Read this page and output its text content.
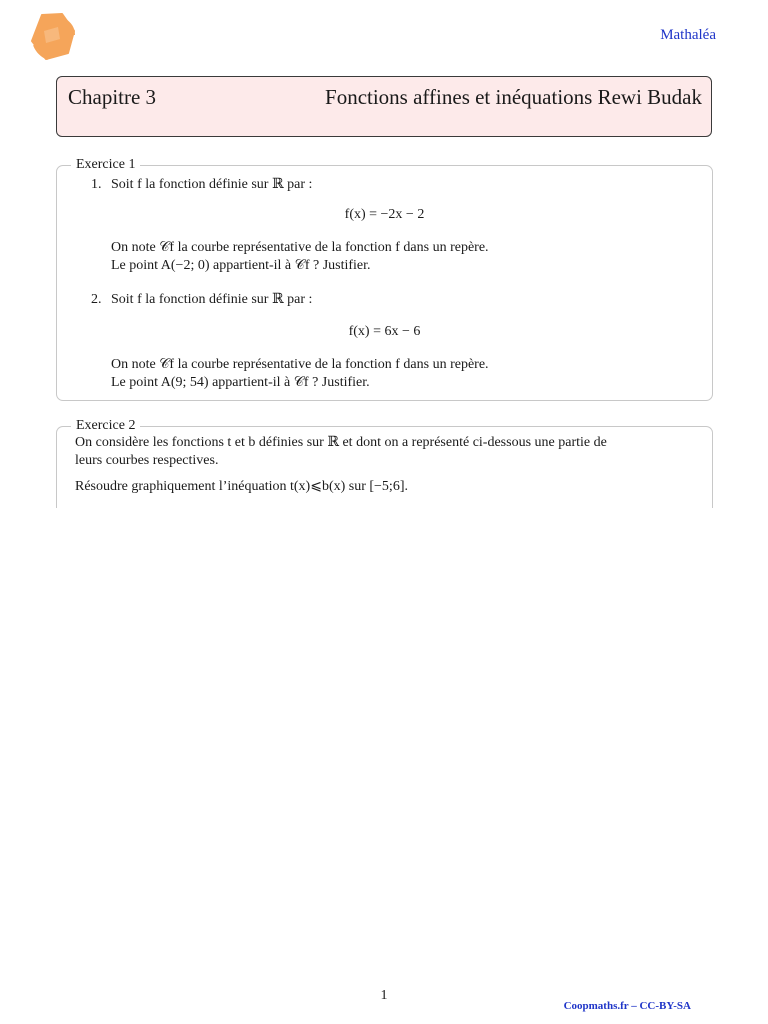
Mathaléa
Chapitre 3	Fonctions affines et inéquations Rewi Budak
Exercice 1
1. Soit f la fonction définie sur ℝ par :
f(x) = −2x − 2
On note 𝒞f la courbe représentative de la fonction f dans un repère.
Le point A(−2; 0) appartient-il à 𝒞f ? Justifier.
2. Soit f la fonction définie sur ℝ par :
f(x) = 6x − 6
On note 𝒞f la courbe représentative de la fonction f dans un repère.
Le point A(9; 54) appartient-il à 𝒞f ? Justifier.
Exercice 2
On considère les fonctions t et b définies sur ℝ et dont on a représenté ci-dessous une partie de
leurs courbes respectives.
Résoudre graphiquement l’inéquation t(x)⩽b(x) sur [−5;6].
1
Coopmaths.fr – CC-BY-SA
